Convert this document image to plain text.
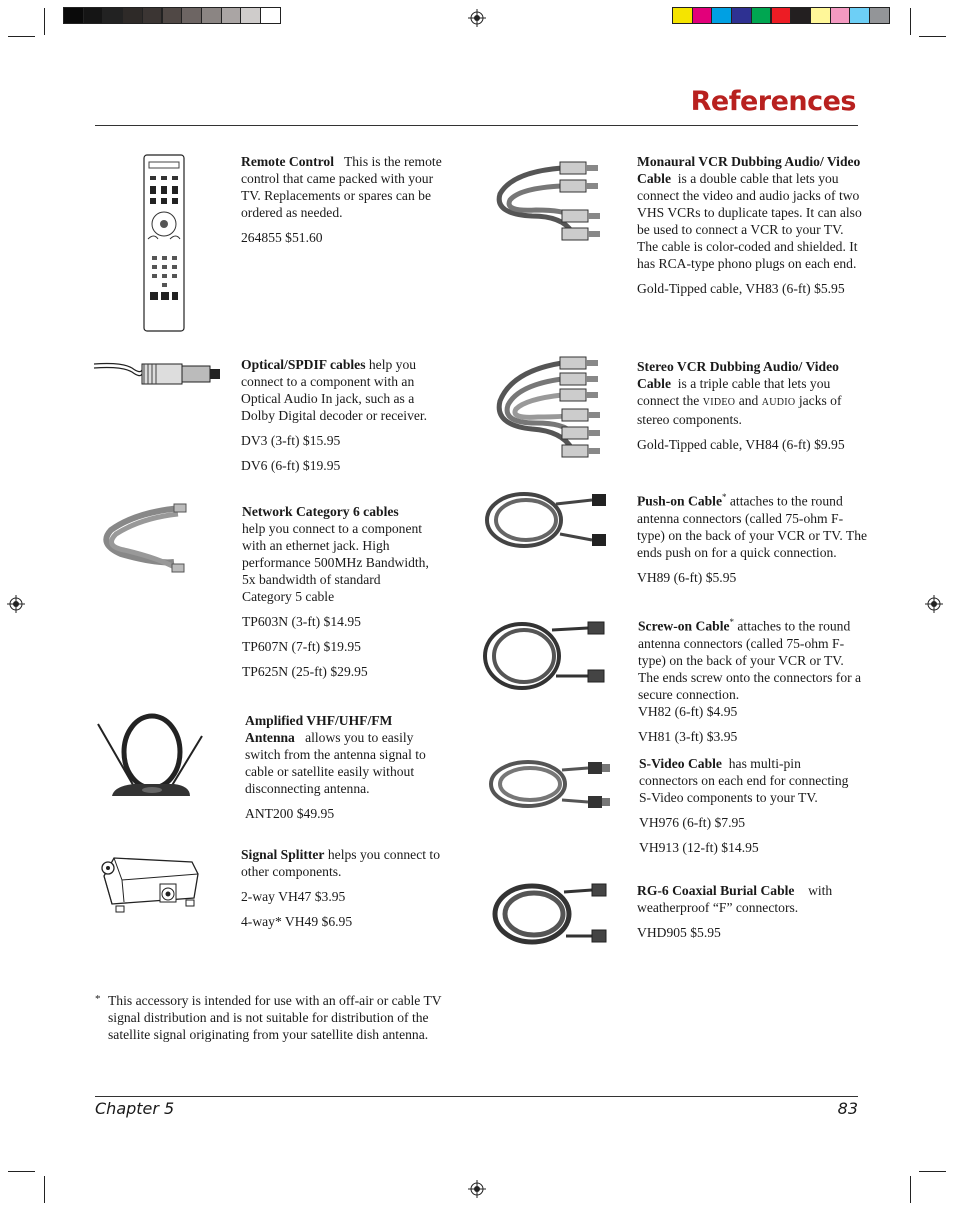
References

Remote Control This is the remote control that came packed with your TV. Replacements or spares can be ordered as needed.

264855 $51.60

Optical/SPDIF cables help you connect to a component with an Optical Audio In jack, such as a Dolby Digital decoder or receiver.

DV3 (3-ft) $15.95

DV6 (6-ft) $19.95

Network Category 6 cables
help you connect to a component with an ethernet jack. High performance 500MHz Bandwidth, 5x bandwidth of standard Category 5 cable

TP603N (3-ft) $14.95

TP607N (7-ft) $19.95

TP625N (25-ft) $29.95

Amplified VHF/UHF/FM Antenna allows you to easily switch from the antenna signal to cable or satellite easily without disconnecting antenna.

ANT200 $49.95

Signal Splitter helps you connect to other components.

2-way VH47 $3.95

4-way* VH49 $6.95

Monaural VCR Dubbing Audio/ Video Cable is a double cable that lets you connect the video and audio jacks of two VHS VCRs to duplicate tapes. It can also be used to connect a VCR to your TV. The cable is color-coded and shielded. It has RCA-type phono plugs on each end.

Gold-Tipped cable, VH83 (6-ft) $5.95

Stereo VCR Dubbing Audio/ Video Cable is a triple cable that lets you connect the VIDEO and AUDIO jacks of stereo components.

Gold-Tipped cable, VH84 (6-ft) $9.95

Push-on Cable* attaches to the round antenna connectors (called 75-ohm F-type) on the back of your VCR or TV. The ends push on for a quick connection.

VH89 (6-ft) $5.95

Screw-on Cable* attaches to the round antenna connectors (called 75-ohm F-type) on the back of your VCR or TV. The ends screw onto the connectors for a secure connection.

VH82 (6-ft) $4.95

VH81 (3-ft) $3.95

S-Video Cable has multi-pin connectors on each end for connecting S-Video components to your TV.

VH976 (6-ft) $7.95

VH913 (12-ft) $14.95

RG-6 Coaxial Burial Cable with weatherproof “F” connectors.

VHD905 $5.95

* This accessory is intended for use with an off-air or cable TV signal distribution and is not suitable for distribution of the satellite signal originating from your satellite dish antenna.

Chapter 5	83
